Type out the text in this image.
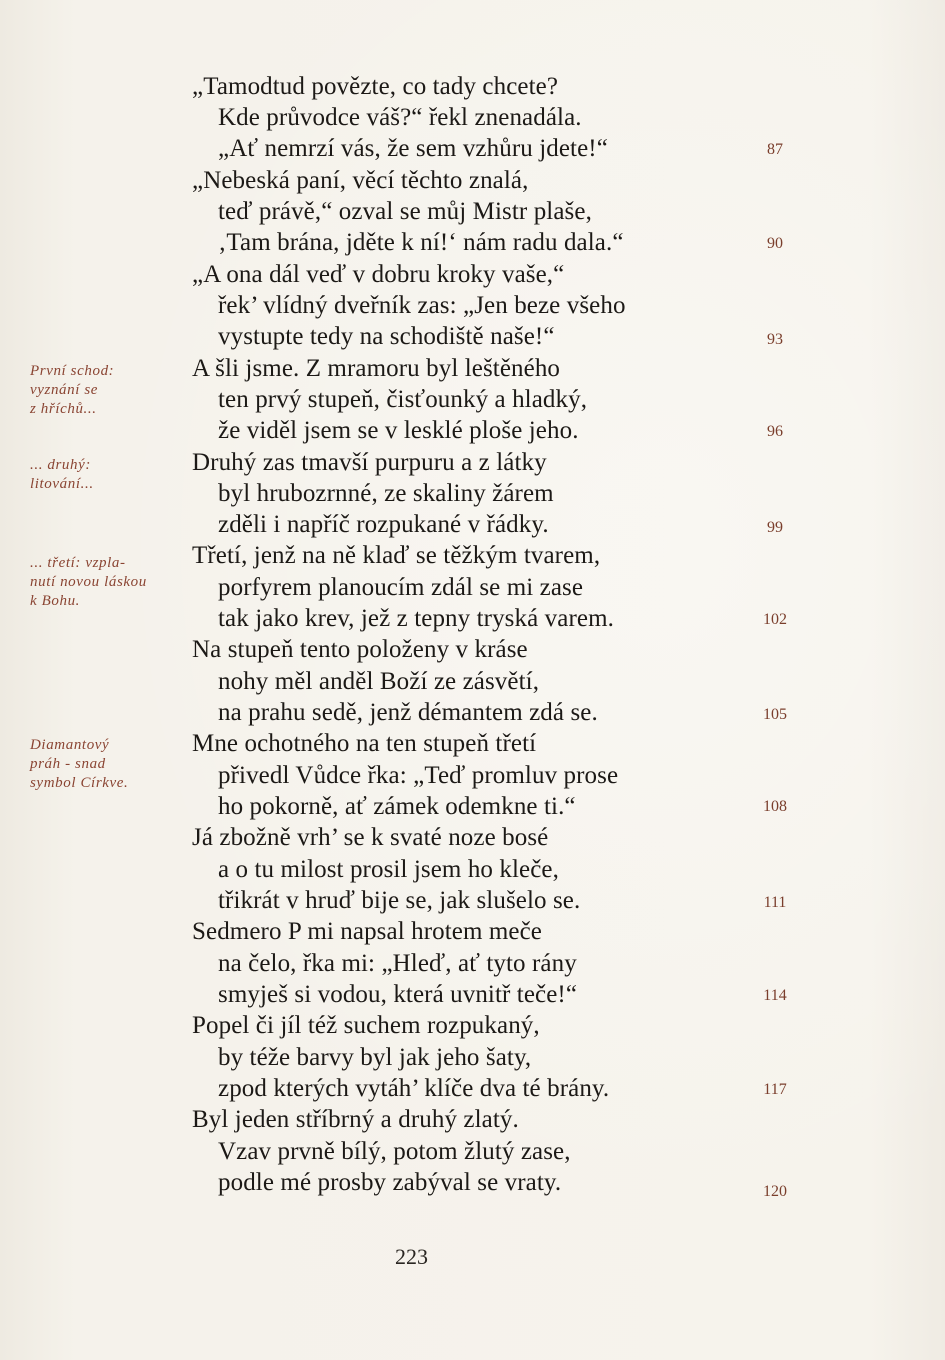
„Tamodtud povězte, co tady chcete?
Kde průvodce váš?“ řekl znenadála.
„Ať nemrzí vás, že sem vzhůru jdete!“
„Nebeská paní, věcí těchto znalá,
teď právě,“ ozval se můj Mistr plaše,
‚Tam brána, jděte k ní!‘ nám radu dala.“
„A ona dál veď v dobru kroky vaše,“
řek’ vlídný dveřník zas: „Jen beze všeho
vystupte tedy na schodiště naše!“
A šli jsme. Z mramoru byl leštěného
ten prvý stupeň, čisťounký a hladký,
že viděl jsem se v lesklé ploše jeho.
Druhý zas tmavší purpuru a z látky
byl hrubozrnné, ze skaliny žárem
zděli i napříč rozpukané v řádky.
Třetí, jenž na ně klaď se těžkým tvarem,
porfyrem planoucím zdál se mi zase
tak jako krev, jež z tepny tryská varem.
Na stupeň tento položeny v kráse
nohy měl anděl Boží ze zásvětí,
na prahu sedě, jenž démantem zdá se.
Mne ochotného na ten stupeň třetí
přivedl Vůdce řka: „Teď promluv prose
ho pokorně, ať zámek odemkne ti.“
Já zbožně vrh’ se k svaté noze bosé
a o tu milost prosil jsem ho kleče,
třikrát v hruď bije se, jak slušelo se.
Sedmero P mi napsal hrotem meče
na čelo, řka mi: „Hleď, ať tyto rány
smyješ si vodou, která uvnitř teče!“
Popel či jíl též suchem rozpukaný,
by téže barvy byl jak jeho šaty,
zpod kterých vytáh’ klíče dva té brány.
Byl jeden stříbrný a druhý zlatý.
Vzav prvně bílý, potom žlutý zase,
podle mé prosby zabýval se vraty.
87
90
93
96
99
102
105
108
111
114
117
120
První schod:
vyznání se
z hříchů...
... druhý:
litování...
... třetí: vzpla-
nutí novou láskou
k Bohu.
Diamantový
práh - snad
symbol Církve.
223
